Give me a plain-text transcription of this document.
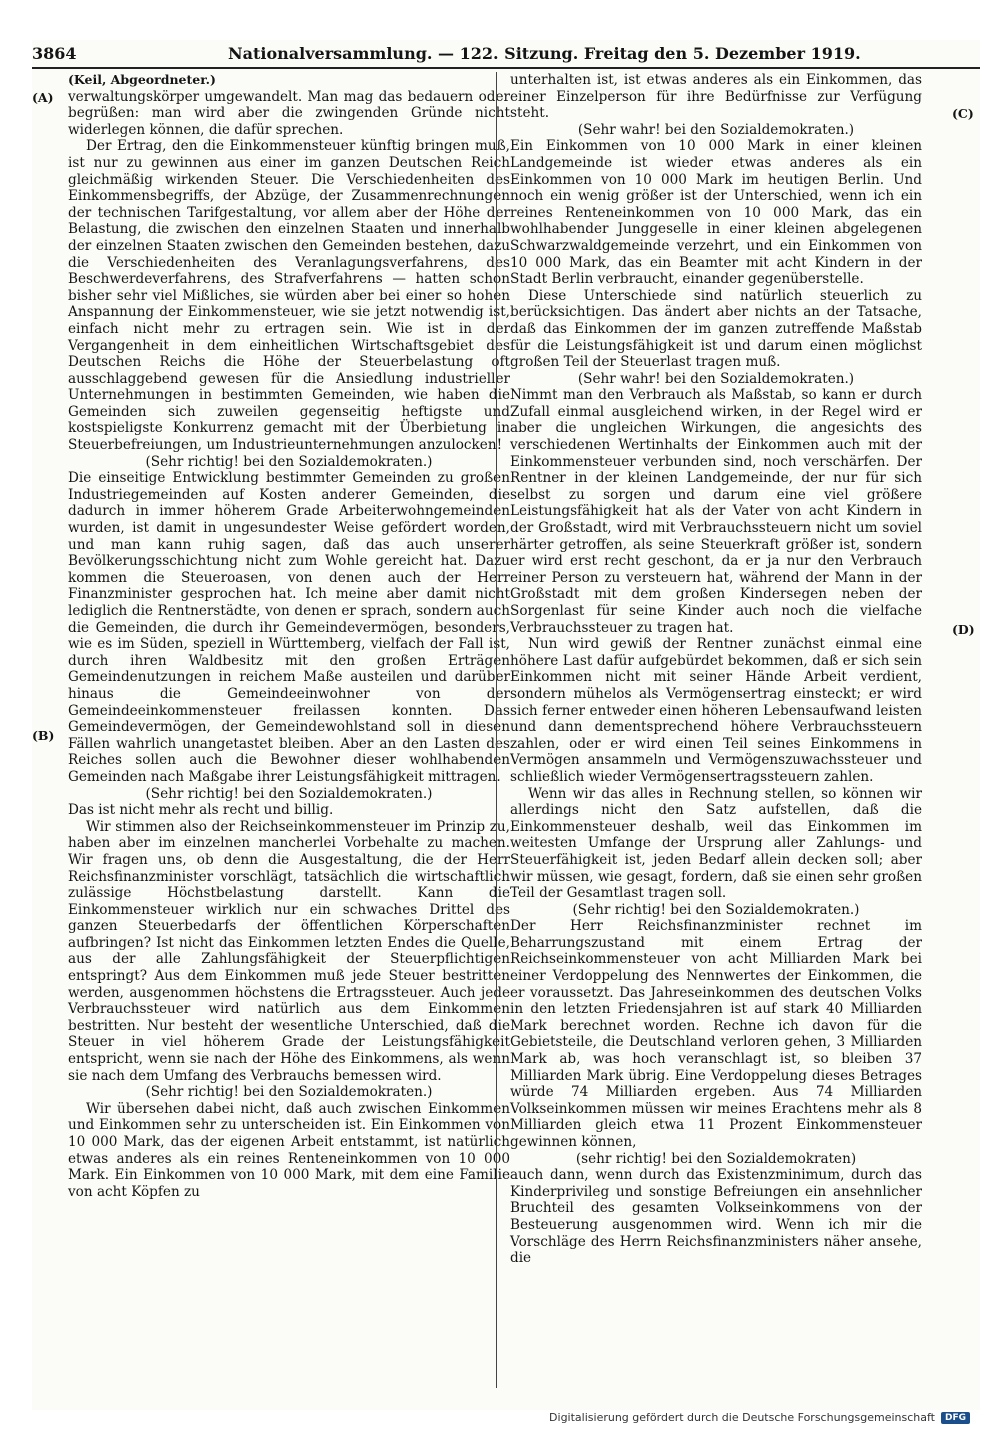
3864	Nationalversammlung. — 122. Sitzung. Freitag den 5. Dezember 1919.
(A)
(B)
(C)
(D)

(Keil, Abgeordneter.)

verwaltungskörper umgewandelt. Man mag das bedauern oder begrüßen: man wird aber die zwingenden Gründe nicht widerlegen können, die dafür sprechen.

Der Ertrag, den die Einkommensteuer künftig bringen muß, ist nur zu gewinnen aus einer im ganzen Deutschen Reich gleichmäßig wirkenden Steuer. Die Verschiedenheiten des Einkommensbegriffs, der Abzüge, der Zusammenrechnungen der technischen Tarifgestaltung, vor allem aber der Höhe der Belastung, die zwischen den einzelnen Staaten und innerhalb der einzelnen Staaten zwischen den Gemeinden bestehen, dazu die Verschiedenheiten des Veranlagungsverfahrens, des Beschwerdeverfahrens, des Strafverfahrens — hatten schon bisher sehr viel Mißliches, sie würden aber bei einer so hohen Anspannung der Einkommensteuer, wie sie jetzt notwendig ist, einfach nicht mehr zu ertragen sein. Wie ist in der Vergangenheit in dem einheitlichen Wirtschaftsgebiet des Deutschen Reichs die Höhe der Steuerbelastung oft ausschlaggebend gewesen für die Ansiedlung industrieller Unternehmungen in bestimmten Gemeinden, wie haben die Gemeinden sich zuweilen gegenseitig heftigste und kostspieligste Konkurrenz gemacht mit der Überbietung in Steuerbefreiungen, um Industrieunternehmungen anzulocken!

(Sehr richtig! bei den Sozialdemokraten.)

Die einseitige Entwicklung bestimmter Gemeinden zu großen Industriegemeinden auf Kosten anderer Gemeinden, die dadurch in immer höherem Grade Arbeiterwohngemeinden wurden, ist damit in ungesundester Weise gefördert worden, und man kann ruhig sagen, daß das auch unserer Bevölkerungsschichtung nicht zum Wohle gereicht hat. Dazu kommen die Steueroasen, von denen auch der Herr Finanzminister gesprochen hat. Ich meine aber damit nicht lediglich die Rentnerstädte, von denen er sprach, sondern auch die Gemeinden, die durch ihr Gemeindevermögen, besonders, wie es im Süden, speziell in Württemberg, vielfach der Fall ist, durch ihren Waldbesitz mit den großen Erträgen Gemeindenutzungen in reichem Maße austeilen und darüber hinaus die Gemeindeeinwohner von der Gemeindeeinkommensteuer freilassen konnten. Das Gemeindevermögen, der Gemeindewohlstand soll in diesen Fällen wahrlich unangetastet bleiben. Aber an den Lasten des Reiches sollen auch die Bewohner dieser wohlhabenden Gemeinden nach Maßgabe ihrer Leistungsfähigkeit mittragen.

(Sehr richtig! bei den Sozialdemokraten.)

Das ist nicht mehr als recht und billig.

Wir stimmen also der Reichseinkommensteuer im Prinzip zu, haben aber im einzelnen mancherlei Vorbehalte zu machen. Wir fragen uns, ob denn die Ausgestaltung, die der Herr Reichsfinanzminister vorschlägt, tatsächlich die wirtschaftlich zulässige Höchstbelastung darstellt. Kann die Einkommensteuer wirklich nur ein schwaches Drittel des ganzen Steuerbedarfs der öffentlichen Körperschaften aufbringen? Ist nicht das Einkommen letzten Endes die Quelle, aus der alle Zahlungsfähigkeit der Steuerpflichtigen entspringt? Aus dem Einkommen muß jede Steuer bestritten werden, ausgenommen höchstens die Ertragssteuer. Auch jede Verbrauchssteuer wird natürlich aus dem Einkommen bestritten. Nur besteht der wesentliche Unterschied, daß die Steuer in viel höherem Grade der Leistungsfähigkeit entspricht, wenn sie nach der Höhe des Einkommens, als wenn sie nach dem Umfang des Verbrauchs bemessen wird.

(Sehr richtig! bei den Sozialdemokraten.)

Wir übersehen dabei nicht, daß auch zwischen Einkommen und Einkommen sehr zu unterscheiden ist. Ein Einkommen von 10 000 Mark, das der eigenen Arbeit entstammt, ist natürlich etwas anderes als ein reines Renteneinkommen von 10 000 Mark. Ein Einkommen von 10 000 Mark, mit dem eine Familie von acht Köpfen zu

unterhalten ist, ist etwas anderes als ein Einkommen, das einer Einzelperson für ihre Bedürfnisse zur Verfügung steht.

(Sehr wahr! bei den Sozialdemokraten.)

Ein Einkommen von 10 000 Mark in einer kleinen Landgemeinde ist wieder etwas anderes als ein Einkommen von 10 000 Mark im heutigen Berlin. Und noch ein wenig größer ist der Unterschied, wenn ich ein reines Renteneinkommen von 10 000 Mark, das ein wohlhabender Junggeselle in einer kleinen abgelegenen Schwarzwaldgemeinde verzehrt, und ein Einkommen von 10 000 Mark, das ein Beamter mit acht Kindern in der Stadt Berlin verbraucht, einander gegenüberstelle.

Diese Unterschiede sind natürlich steuerlich zu berücksichtigen. Das ändert aber nichts an der Tatsache, daß das Einkommen der im ganzen zutreffende Maßstab für die Leistungsfähigkeit ist und darum einen möglichst großen Teil der Steuerlast tragen muß.

(Sehr wahr! bei den Sozialdemokraten.)

Nimmt man den Verbrauch als Maßstab, so kann er durch Zufall einmal ausgleichend wirken, in der Regel wird er aber die ungleichen Wirkungen, die angesichts des verschiedenen Wertinhalts der Einkommen auch mit der Einkommensteuer verbunden sind, noch verschärfen. Der Rentner in der kleinen Landgemeinde, der nur für sich selbst zu sorgen und darum eine viel größere Leistungsfähigkeit hat als der Vater von acht Kindern in der Großstadt, wird mit Verbrauchssteuern nicht um soviel härter getroffen, als seine Steuerkraft größer ist, sondern er wird erst recht geschont, da er ja nur den Verbrauch einer Person zu versteuern hat, während der Mann in der Großstadt mit dem großen Kindersegen neben der Sorgenlast für seine Kinder auch noch die vielfache Verbrauchssteuer zu tragen hat.

Nun wird gewiß der Rentner zunächst einmal eine höhere Last dafür aufgebürdet bekommen, daß er sich sein Einkommen nicht mit seiner Hände Arbeit verdient, sondern mühelos als Vermögensertrag einsteckt; er wird sich ferner entweder einen höheren Lebensaufwand leisten und dann dementsprechend höhere Verbrauchssteuern zahlen, oder er wird einen Teil seines Einkommens in Vermögen ansammeln und Vermögenszuwachssteuer und schließlich wieder Vermögensertragssteuern zahlen.

Wenn wir das alles in Rechnung stellen, so können wir allerdings nicht den Satz aufstellen, daß die Einkommensteuer deshalb, weil das Einkommen im weitesten Umfange der Ursprung aller Zahlungs- und Steuerfähigkeit ist, jeden Bedarf allein decken soll; aber wir müssen, wie gesagt, fordern, daß sie einen sehr großen Teil der Gesamtlast tragen soll.

(Sehr richtig! bei den Sozialdemokraten.)

Der Herr Reichsfinanzminister rechnet im Beharrungszustand mit einem Ertrag der Reichseinkommensteuer von acht Milliarden Mark bei einer Verdoppelung des Nennwertes der Einkommen, die er voraussetzt. Das Jahreseinkommen des deutschen Volks in den letzten Friedensjahren ist auf stark 40 Milliarden Mark berechnet worden. Rechne ich davon für die Gebietsteile, die Deutschland verloren gehen, 3 Milliarden Mark ab, was hoch veranschlagt ist, so bleiben 37 Milliarden Mark übrig. Eine Verdoppelung dieses Betrages würde 74 Milliarden ergeben. Aus 74 Milliarden Volkseinkommen müssen wir meines Erachtens mehr als 8 Milliarden gleich etwa 11 Prozent Einkommensteuer gewinnen können,

(sehr richtig! bei den Sozialdemokraten)

auch dann, wenn durch das Existenzminimum, durch das Kinderprivileg und sonstige Befreiungen ein ansehnlicher Bruchteil des gesamten Volkseinkommens von der Besteuerung ausgenommen wird. Wenn ich mir die Vorschläge des Herrn Reichsfinanzministers näher ansehe, die

Digitalisierung gefördert durch die Deutsche Forschungsgemeinschaft	DFG
